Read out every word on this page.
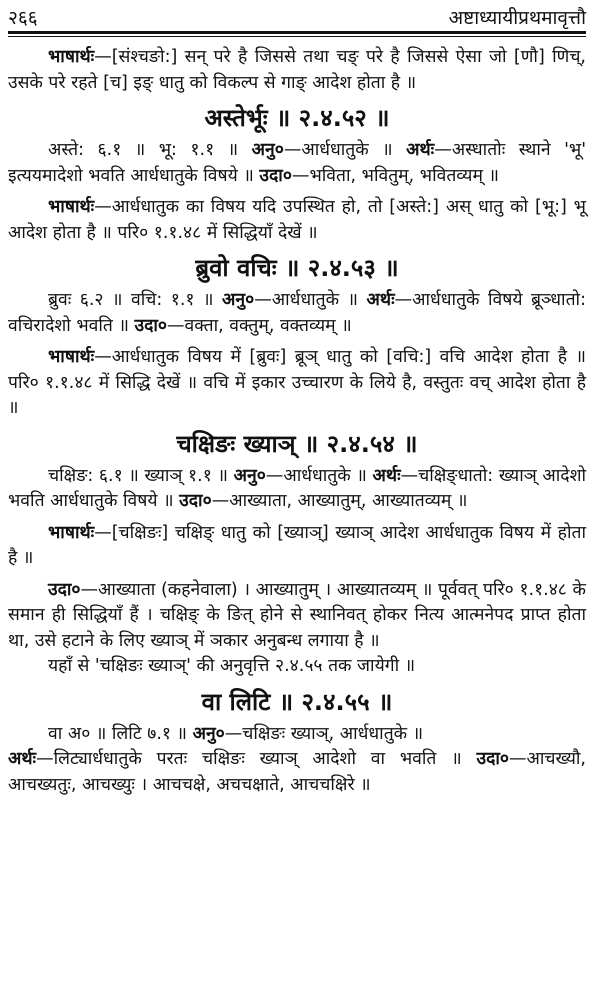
२६६	अष्टाध्यायीप्रथमावृत्तौ

भाषार्थः—[संश्चङो:] सन् परे है जिससे तथा चङ् परे है जिससे ऐसा जो [णौ] णिच्, उसके परे रहते [च] इङ् धातु को विकल्प से गाङ् आदेश होता है ॥

अस्तेर्भूः ॥ २.४.५२ ॥

अस्ते: ६.१ ॥ भू: १.१ ॥ अनु०—आर्धधातुके ॥ अर्थः—अस्धातोः स्थाने 'भू' इत्ययमादेशो भवति आर्धधातुके विषये ॥ उदा०—भविता, भवितुम्, भवितव्यम् ॥

भाषार्थः—आर्धधातुक का विषय यदि उपस्थित हो, तो [अस्ते:] अस् धातु को [भू:] भू आदेश होता है ॥ परि० १.१.४८ में सिद्धियाँ देखें ॥

ब्रुवो वचिः ॥ २.४.५३ ॥

ब्रुवः ६.२ ॥ वचि: १.१ ॥ अनु०—आर्धधातुके ॥ अर्थः—आर्धधातुके विषये ब्रूञ्धातो: वचिरादेशो भवति ॥ उदा०—वक्ता, वक्तुम्, वक्तव्यम् ॥

भाषार्थः—आर्धधातुक विषय में [ब्रुवः] ब्रूञ् धातु को [वचि:] वचि आदेश होता है ॥ परि० १.१.४८ में सिद्धि देखें ॥ वचि में इकार उच्चारण के लिये है, वस्तुतः वच् आदेश होता है ॥

चक्षिङः ख्याञ् ॥ २.४.५४ ॥

चक्षिङ: ६.१ ॥ ख्याञ् १.१ ॥ अनु०—आर्धधातुके ॥ अर्थः—चक्षिङ्धातो: ख्याञ् आदेशो भवति आर्धधातुके विषये ॥ उदा०—आख्याता, आख्यातुम्, आख्यातव्यम् ॥

भाषार्थः—[चक्षिङः] चक्षिङ् धातु को [ख्याञ्] ख्याञ् आदेश आर्धधातुक विषय में होता है ॥

उदा०—आख्याता (कहनेवाला) । आख्यातुम् । आख्यातव्यम् ॥ पूर्ववत् परि० १.१.४८ के समान ही सिद्धियाँ हैं । चक्षिङ् के ङित् होने से स्थानिवत् होकर नित्य आत्मनेपद प्राप्त होता था, उसे हटाने के लिए ख्याञ् में ञकार अनुबन्ध लगाया है ॥

यहाँ से 'चक्षिङः ख्याञ्' की अनुवृत्ति २.४.५५ तक जायेगी ॥

वा लिटि ॥ २.४.५५ ॥

वा अ० ॥ लिटि ७.१ ॥ अनु०—चक्षिङः ख्याञ्, आर्धधातुके ॥

अर्थः—लिट्यार्धधातुके परतः चक्षिङः ख्याञ् आदेशो वा भवति ॥ उदा०—आचख्यौ, आचख्यतुः, आचख्युः । आचचक्षे, अचचक्षाते, आचचक्षिरे ॥
